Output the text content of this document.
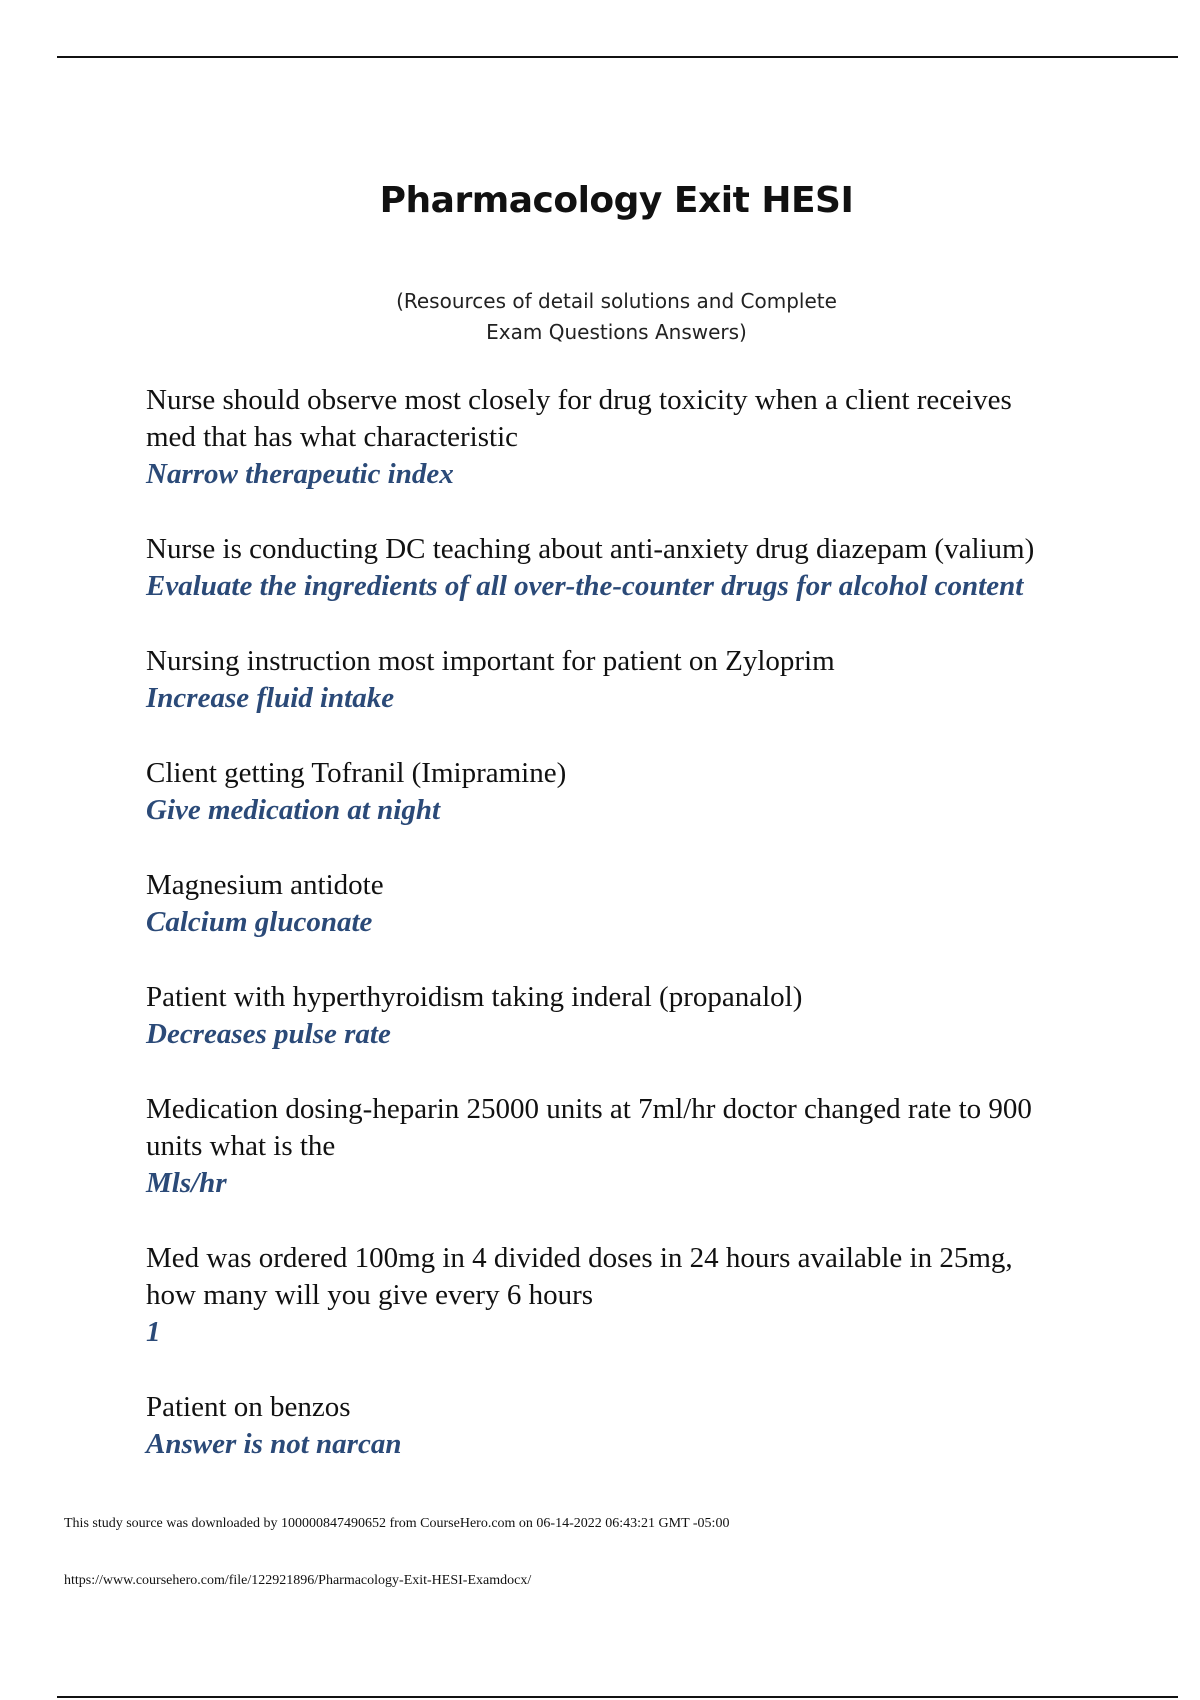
Pharmacology Exit HESI
(Resources of detail solutions and Complete
Exam Questions Answers)

Nurse should observe most closely for drug toxicity when a client receives med that has what characteristic

Narrow therapeutic index

Nurse is conducting DC teaching about anti-anxiety drug diazepam (valium)

Evaluate the ingredients of all over-the-counter drugs for alcohol content

Nursing instruction most important for patient on Zyloprim

Increase fluid intake

Client getting Tofranil (Imipramine)

Give medication at night

Magnesium antidote

Calcium gluconate

Patient with hyperthyroidism taking inderal (propanalol)

Decreases pulse rate

Medication dosing-heparin 25000 units at 7ml/hr doctor changed rate to 900 units what is the

Mls/hr

Med was ordered 100mg in 4 divided doses in 24 hours available in 25mg, how many will you give every 6 hours

1

Patient on benzos

Answer is not narcan

This study source was downloaded by 100000847490652 from CourseHero.com on 06-14-2022 06:43:21 GMT -05:00
https://www.coursehero.com/file/122921896/Pharmacology-Exit-HESI-Examdocx/
